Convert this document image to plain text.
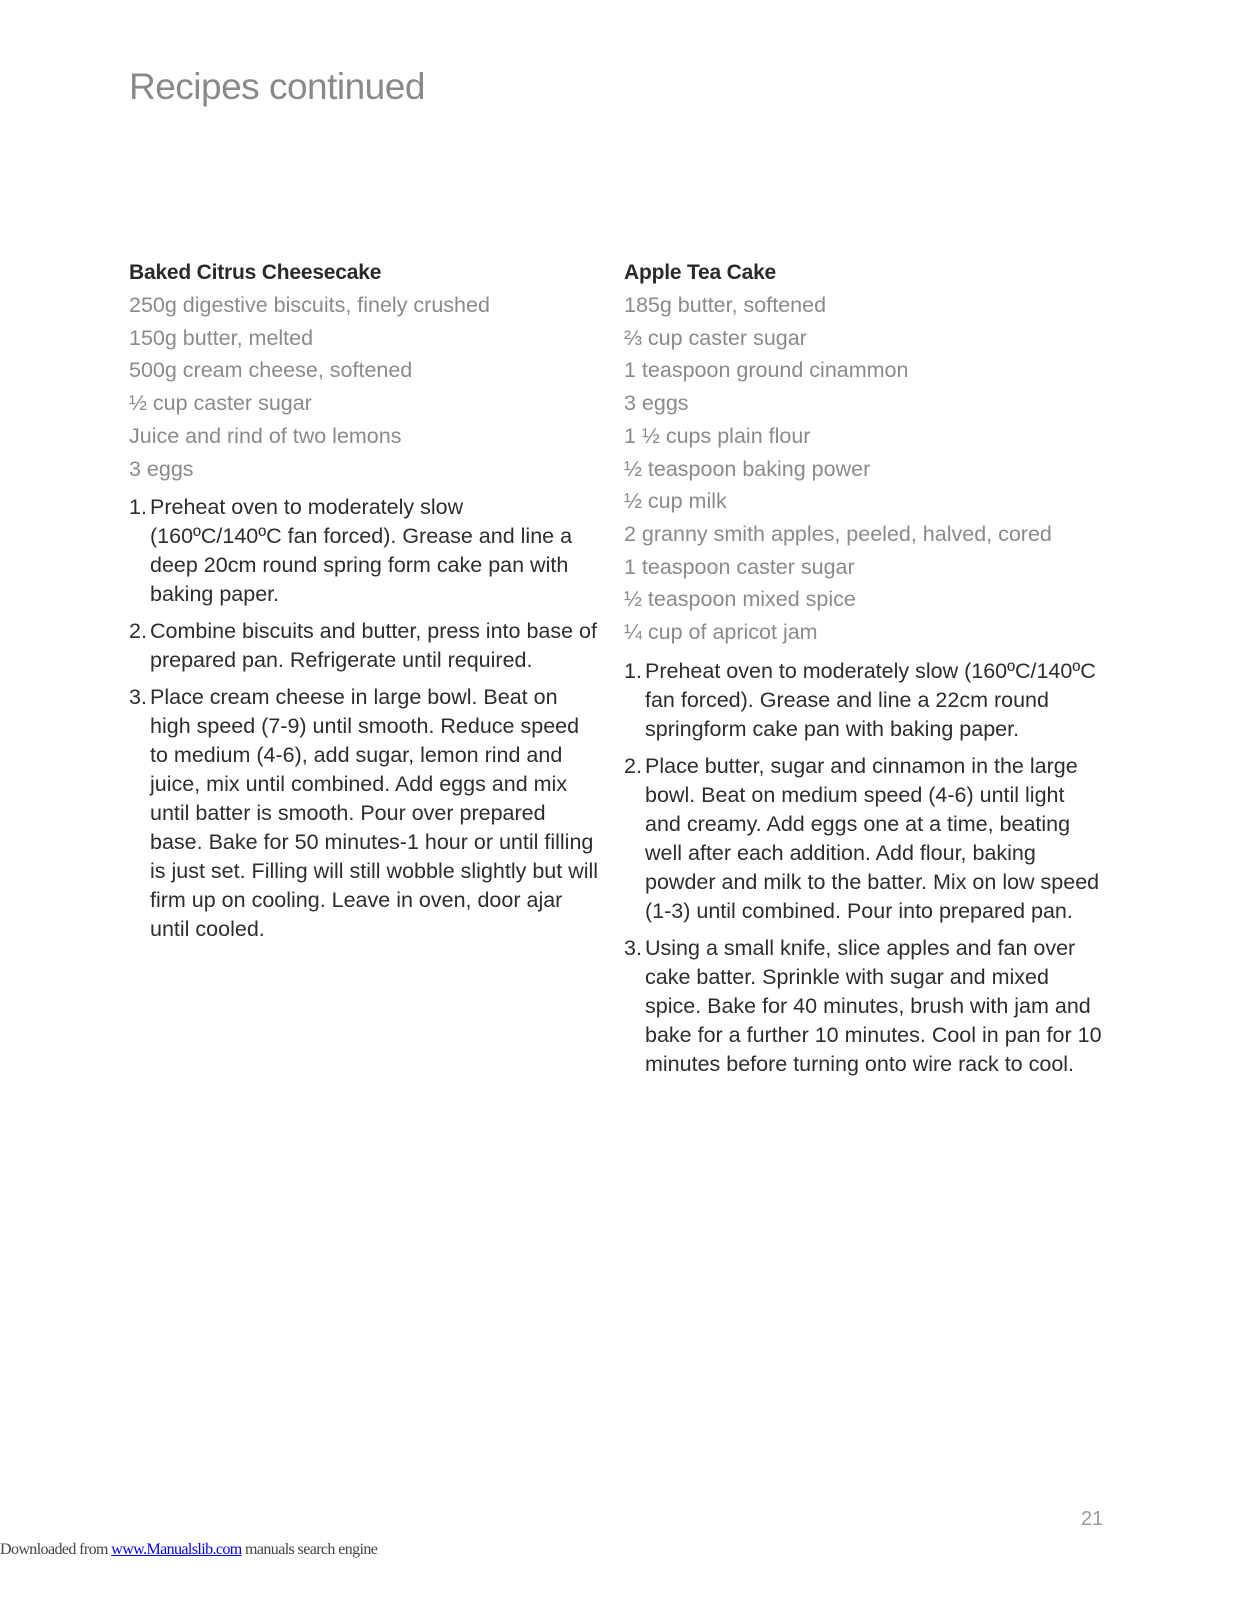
Recipes continued
Baked Citrus Cheesecake
250g digestive biscuits, finely crushed
150g butter, melted
500g cream cheese, softened
½ cup caster sugar
Juice and rind of two lemons
3 eggs
1. Preheat oven to moderately slow (160ºC/140ºC fan forced). Grease and line a deep 20cm round spring form cake pan with baking paper.
2. Combine biscuits and butter, press into base of prepared pan. Refrigerate until required.
3. Place cream cheese in large bowl. Beat on high speed (7-9) until smooth. Reduce speed to medium (4-6), add sugar, lemon rind and juice, mix until combined. Add eggs and mix until batter is smooth. Pour over prepared base. Bake for 50 minutes-1 hour or until filling is just set. Filling will still wobble slightly but will firm up on cooling. Leave in oven, door ajar until cooled.
Apple Tea Cake
185g butter, softened
⅔ cup caster sugar
1 teaspoon ground cinammon
3 eggs
1 ½ cups plain flour
½ teaspoon baking power
½ cup milk
2 granny smith apples, peeled, halved, cored
1 teaspoon caster sugar
½ teaspoon mixed spice
¼ cup of apricot jam
1. Preheat oven to moderately slow (160ºC/140ºC fan forced). Grease and line a 22cm round springform cake pan with baking paper.
2. Place butter, sugar and cinnamon in the large bowl. Beat on medium speed (4-6) until light and creamy. Add eggs one at a time, beating well after each addition. Add flour, baking powder and milk to the batter. Mix on low speed (1-3) until combined. Pour into prepared pan.
3. Using a small knife, slice apples and fan over cake batter. Sprinkle with sugar and mixed spice. Bake for 40 minutes, brush with jam and bake for a further 10 minutes. Cool in pan for 10 minutes before turning onto wire rack to cool.
21
Downloaded from www.Manualslib.com manuals search engine
